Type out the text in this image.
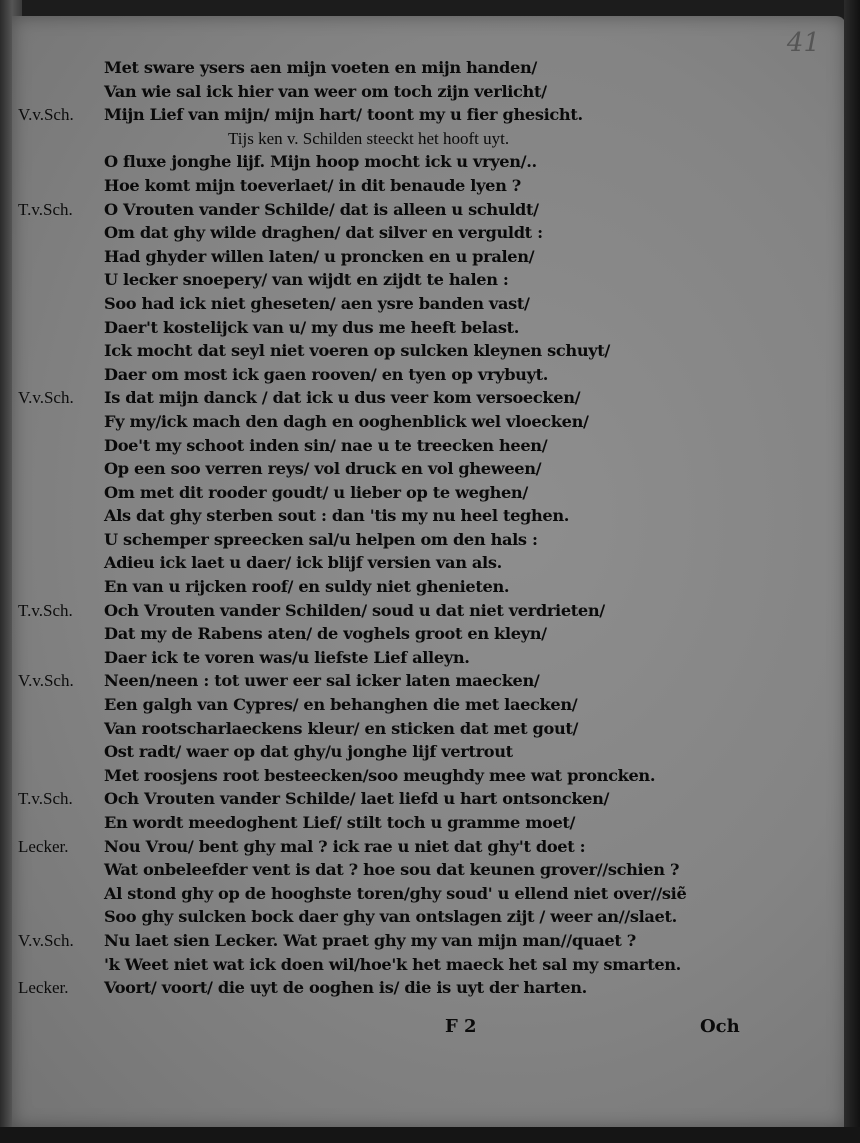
41
Met sware ysers aen mijn voeten en mijn handen/
Van wie sal ick hier van weer om toch zijn verlicht/
V.v.Sch. Mijn Lief van mijn/ mijn hart/ toont my u fier ghesicht.
Tijs ken v. Schilden steeckt het hooft uyt.
O fluxe jonghe lijf. Mijn hoop mocht ick u vryen/..
Hoe komt mijn toeverlaet/ in dit benaude lyen ?
T.v.Sch. O Vrouten vander Schilde/ dat is alleen u schuldt/
Om dat ghy wilde draghen/ dat silver en verguldt :
Had ghyder willen laten/ u proncken en u pralen/
U lecker snoepery/ van wijdt en zijdt te halen :
Soo had ick niet gheseten/ aen ysre banden vast/
Daer't kostelijck van u/ my dus me heeft belast.
Ick mocht dat seyl niet voeren op sulcken kleynen schuyt/
Daer om most ick gaen rooven/ en tyen op vrybuyt.
V.v.Sch. Is dat mijn danck / dat ick u dus veer kom versoecken/
Fy my/ick mach den dagh en ooghenblick wel vloecken/
Doe't my schoot inden sin/ nae u te treecken heen/
Op een soo verren reys/ vol druck en vol gheween/
Om met dit rooder goudt/ u lieber op te weghen/
Als dat ghy sterben sout : dan 'tis my nu heel teghen.
U schemper spreecken sal/u helpen om den hals :
Adieu ick laet u daer/ ick blijf versien van als.
En van u rijcken roof/ en suldy niet ghenieten.
T.v.Sch. Och Vrouten vander Schilden/ soud u dat niet verdrieten/
Dat my de Rabens aten/ de voghels groot en kleyn/
Daer ick te voren was/u liefste Lief alleyn.
V.v.Sch. Neen/neen : tot uwer eer sal icker laten maecken/
Een galgh van Cypres/ en behanghen die met laecken/
Van rootscharlaeckens kleur/ en sticken dat met gout/
Ost radt/ waer op dat ghy/u jonghe lijf vertrout
Met roosjens root besteecken/soo meughdy mee wat proncken.
T.v.Sch. Och Vrouten vander Schilde/ laet liefd u hart ontsoncken/
En wordt meedoghent Lief/ stilt toch u gramme moet/
Lecker. Nou Vrou/ bent ghy mal ? ick rae u niet dat ghy't doet :
Wat onbeleefder vent is dat ? hoe sou dat keunen grover//schien ?
Al stond ghy op de hooghste toren/ghy soud' u ellend niet over//siẽ
Soo ghy sulcken bock daer ghy van ontslagen zijt / weer an//slaet.
V.v.Sch. Nu laet sien Lecker. Wat praet ghy my van mijn man//quaet ?
'k Weet niet wat ick doen wil/hoe'k het maeck het sal my smarten.
Lecker. Voort/ voort/ die uyt de ooghen is/ die is uyt der harten.
F 2	Och
